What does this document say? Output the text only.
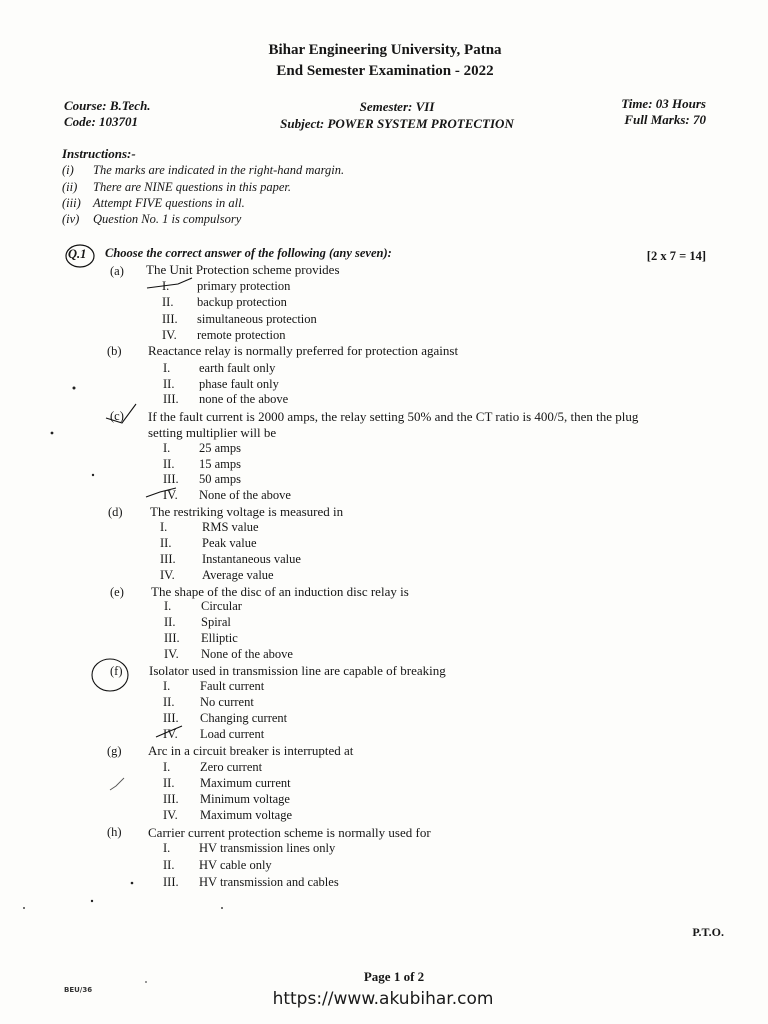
Bihar Engineering University, Patna
End Semester Examination - 2022
Course: B.Tech.
Code: 103701
Semester: VII
Subject: POWER SYSTEM PROTECTION
Time: 03 Hours
Full Marks: 70
Instructions:-
(i)	The marks are indicated in the right-hand margin.
(ii)	There are NINE questions in this paper.
(iii) Attempt FIVE questions in all.
(iv)	Question No. 1 is compulsory
Q.1 Choose the correct answer of the following (any seven):	[2 x 7 = 14]
(a) The Unit Protection scheme provides
I.	primary protection
II.	backup protection
III.	simultaneous protection
IV.	remote protection
(b) Reactance relay is normally preferred for protection against
I.	earth fault only
II.	phase fault only
III.	none of the above
(c) If the fault current is 2000 amps, the relay setting 50% and the CT ratio is 400/5, then the plug
setting multiplier will be
I.	25 amps
II.	15 amps
III.	50 amps
IV.	None of the above
(d) The restriking voltage is measured in
I.	RMS value
II.	Peak value
III.	Instantaneous value
IV.	Average value
(e) The shape of the disc of an induction disc relay is
I.	Circular
II.	Spiral
III.	Elliptic
IV.	None of the above
(f) Isolator used in transmission line are capable of breaking
I.	Fault current
II.	No current
III.	Changing current
IV.	Load current
(g) Arc in a circuit breaker is interrupted at
I.	Zero current
II.	Maximum current
III.	Minimum voltage
IV.	Maximum voltage
(h) Carrier current protection scheme is normally used for
I.	HV transmission lines only
II.	HV cable only
III.	HV transmission and cables
P.T.O.
Page 1 of 2
https://www.akubihar.com
BEU/36
